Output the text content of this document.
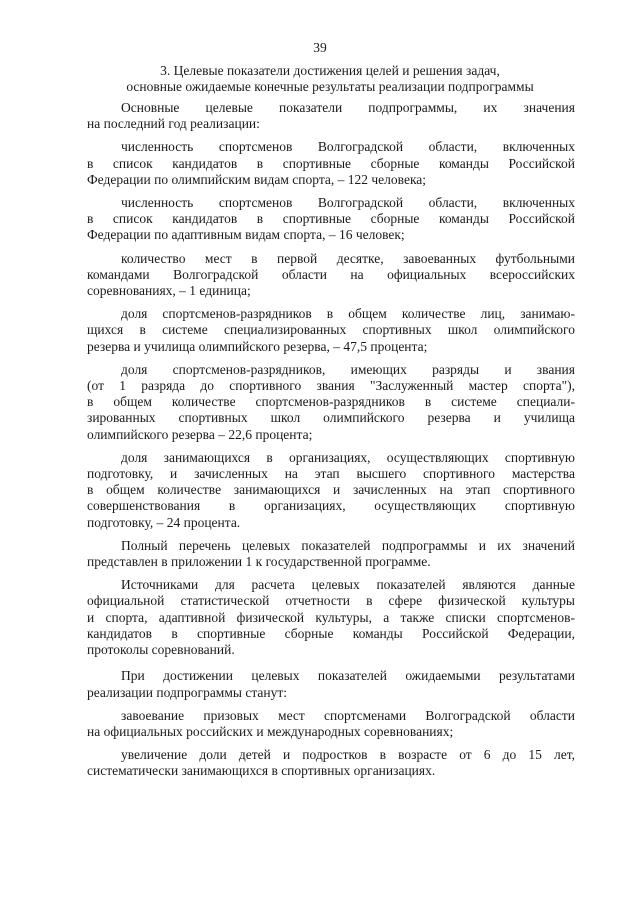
39
3. Целевые показатели достижения целей и решения задач,
основные ожидаемые конечные результаты реализации подпрограммы

Основные целевые показатели подпрограммы, их значения
на последний год реализации:

численность спортсменов Волгоградской области, включенных
в список кандидатов в спортивные сборные команды Российской
Федерации по олимпийским видам спорта, – 122 человека;

численность спортсменов Волгоградской области, включенных
в список кандидатов в спортивные сборные команды Российской
Федерации по адаптивным видам спорта, – 16 человек;

количество мест в первой десятке, завоеванных футбольными
командами Волгоградской области на официальных всероссийских
соревнованиях, – 1 единица;

доля спортсменов-разрядников в общем количестве лиц, занимаю-
щихся в системе специализированных спортивных школ олимпийского
резерва и училища олимпийского резерва, – 47,5 процента;

доля спортсменов-разрядников, имеющих разряды и звания
(от 1 разряда до спортивного звания "Заслуженный мастер спорта"),
в общем количестве спортсменов-разрядников в системе специали-
зированных спортивных школ олимпийского резерва и училища
олимпийского резерва – 22,6 процента;

доля занимающихся в организациях, осуществляющих спортивную
подготовку, и зачисленных на этап высшего спортивного мастерства
в общем количестве занимающихся и зачисленных на этап спортивного
совершенствования в организациях, осуществляющих спортивную
подготовку, – 24 процента.

Полный перечень целевых показателей подпрограммы и их значений
представлен в приложении 1 к государственной программе.

Источниками для расчета целевых показателей являются данные
официальной статистической отчетности в сфере физической культуры
и спорта, адаптивной физической культуры, а также списки спортсменов-
кандидатов в спортивные сборные команды Российской Федерации,
протоколы соревнований.

При достижении целевых показателей ожидаемыми результатами
реализации подпрограммы станут:

завоевание призовых мест спортсменами Волгоградской области
на официальных российских и международных соревнованиях;

увеличение доли детей и подростков в возрасте от 6 до 15 лет,
систематически занимающихся в спортивных организациях.
